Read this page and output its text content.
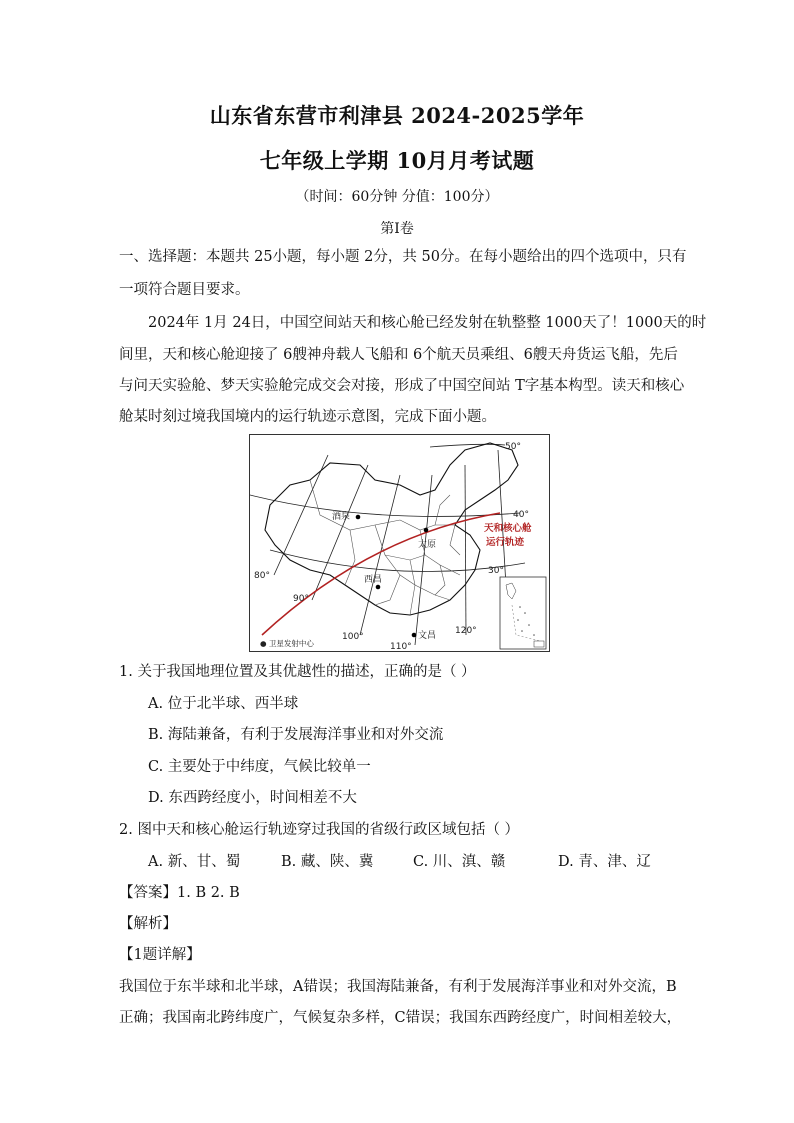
山东省东营市利津县 2024-2025学年
七年级上学期 10月月考试题
（时间：60分钟 分值：100分）
第I卷
一、选择题：本题共 25小题，每小题 2分，共 50分。在每小题给出的四个选项中，只有
一项符合题目要求。
2024年 1月 24日，中国空间站天和核心舱已经发射在轨整整 1000天了！1000天的时
间里，天和核心舱迎接了 6艘神舟载人飞船和 6个航天员乘组、6艘天舟货运飞船，先后
与问天实验舱、梦天实验舱完成交会对接，形成了中国空间站 T字基本构型。读天和核心
舱某时刻过境我国境内的运行轨迹示意图，完成下面小题。
酒泉
太原
西昌
文昌
天和核心舱
运行轨迹
50°
40°
30°
80°
90°
100°
110°
120°
● 卫星发射中心
1. 关于我国地理位置及其优越性的描述，正确的是（ ）
A. 位于北半球、西半球
B. 海陆兼备，有利于发展海洋事业和对外交流
C. 主要处于中纬度，气候比较单一
D. 东西跨经度小，时间相差不大
2. 图中天和核心舱运行轨迹穿过我国的省级行政区域包括（ ）
A. 新、甘、蜀	B. 藏、陕、冀	C. 川、滇、赣	D. 青、津、辽
【答案】1. B 2. B
【解析】
【1题详解】
我国位于东半球和北半球，A错误；我国海陆兼备，有利于发展海洋事业和对外交流，B
正确；我国南北跨纬度广，气候复杂多样，C错误；我国东西跨经度广，时间相差较大，
